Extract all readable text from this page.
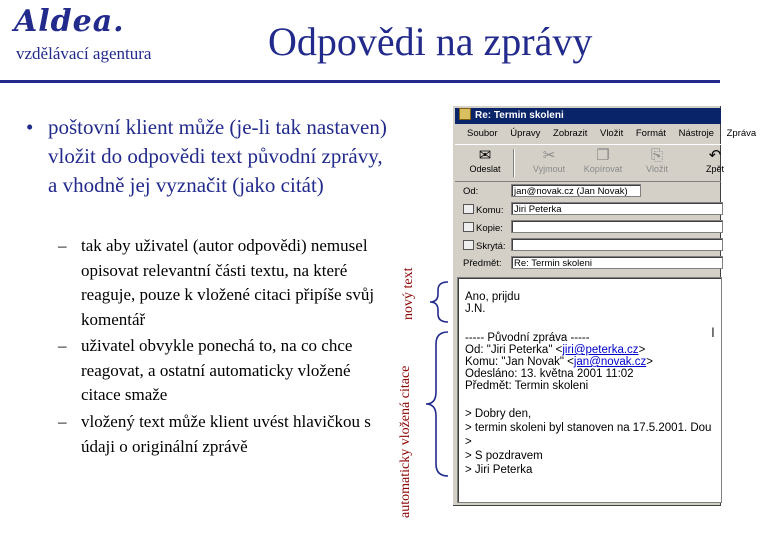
Aldea.
vzdělávací agentura	Odpovědi na zprávy
• poštovní klient může (je-li tak nastaven) vložit do odpovědi text původní zprávy, a vhodně jej vyznačit (jako citát)
– tak aby uživatel (autor odpovědi) nemusel opisovat relevantní části textu, na které reaguje, pouze k vložené citaci připíše svůj komentář
– uživatel obvykle ponechá to, na co chce reagovat, a ostatní automaticky vložené citace smaže
– vložený text může klient uvést hlavičkou s údaji o originální zprávě
nový text
automaticky vložená citace
Re: Termin skoleni
Soubor Úpravy Zobrazit Vložit Formát Nástroje Zpráva
✉
Odeslat
✂
Vyjmout
❐
Kopírovat
⎘
Vložit
↶
Zpět
Od:	jan@novak.cz (Jan Novak)
Komu:	Jiri Peterka
Kopie:
Skrytá:
Předmět:	Re: Termin skoleni
Ano, prijdu
J.N.
----- Původní zpráva -----
Od: "Jiri Peterka" <jiri@peterka.cz>
Komu: "Jan Novak" <jan@novak.cz>
Odesláno: 13. května 2001 11:02
Předmět: Termin skoleni
> Dobry den,
> termin skoleni byl stanoven na 17.5.2001. Dou
>
> S pozdravem
> Jiri Peterka
I
